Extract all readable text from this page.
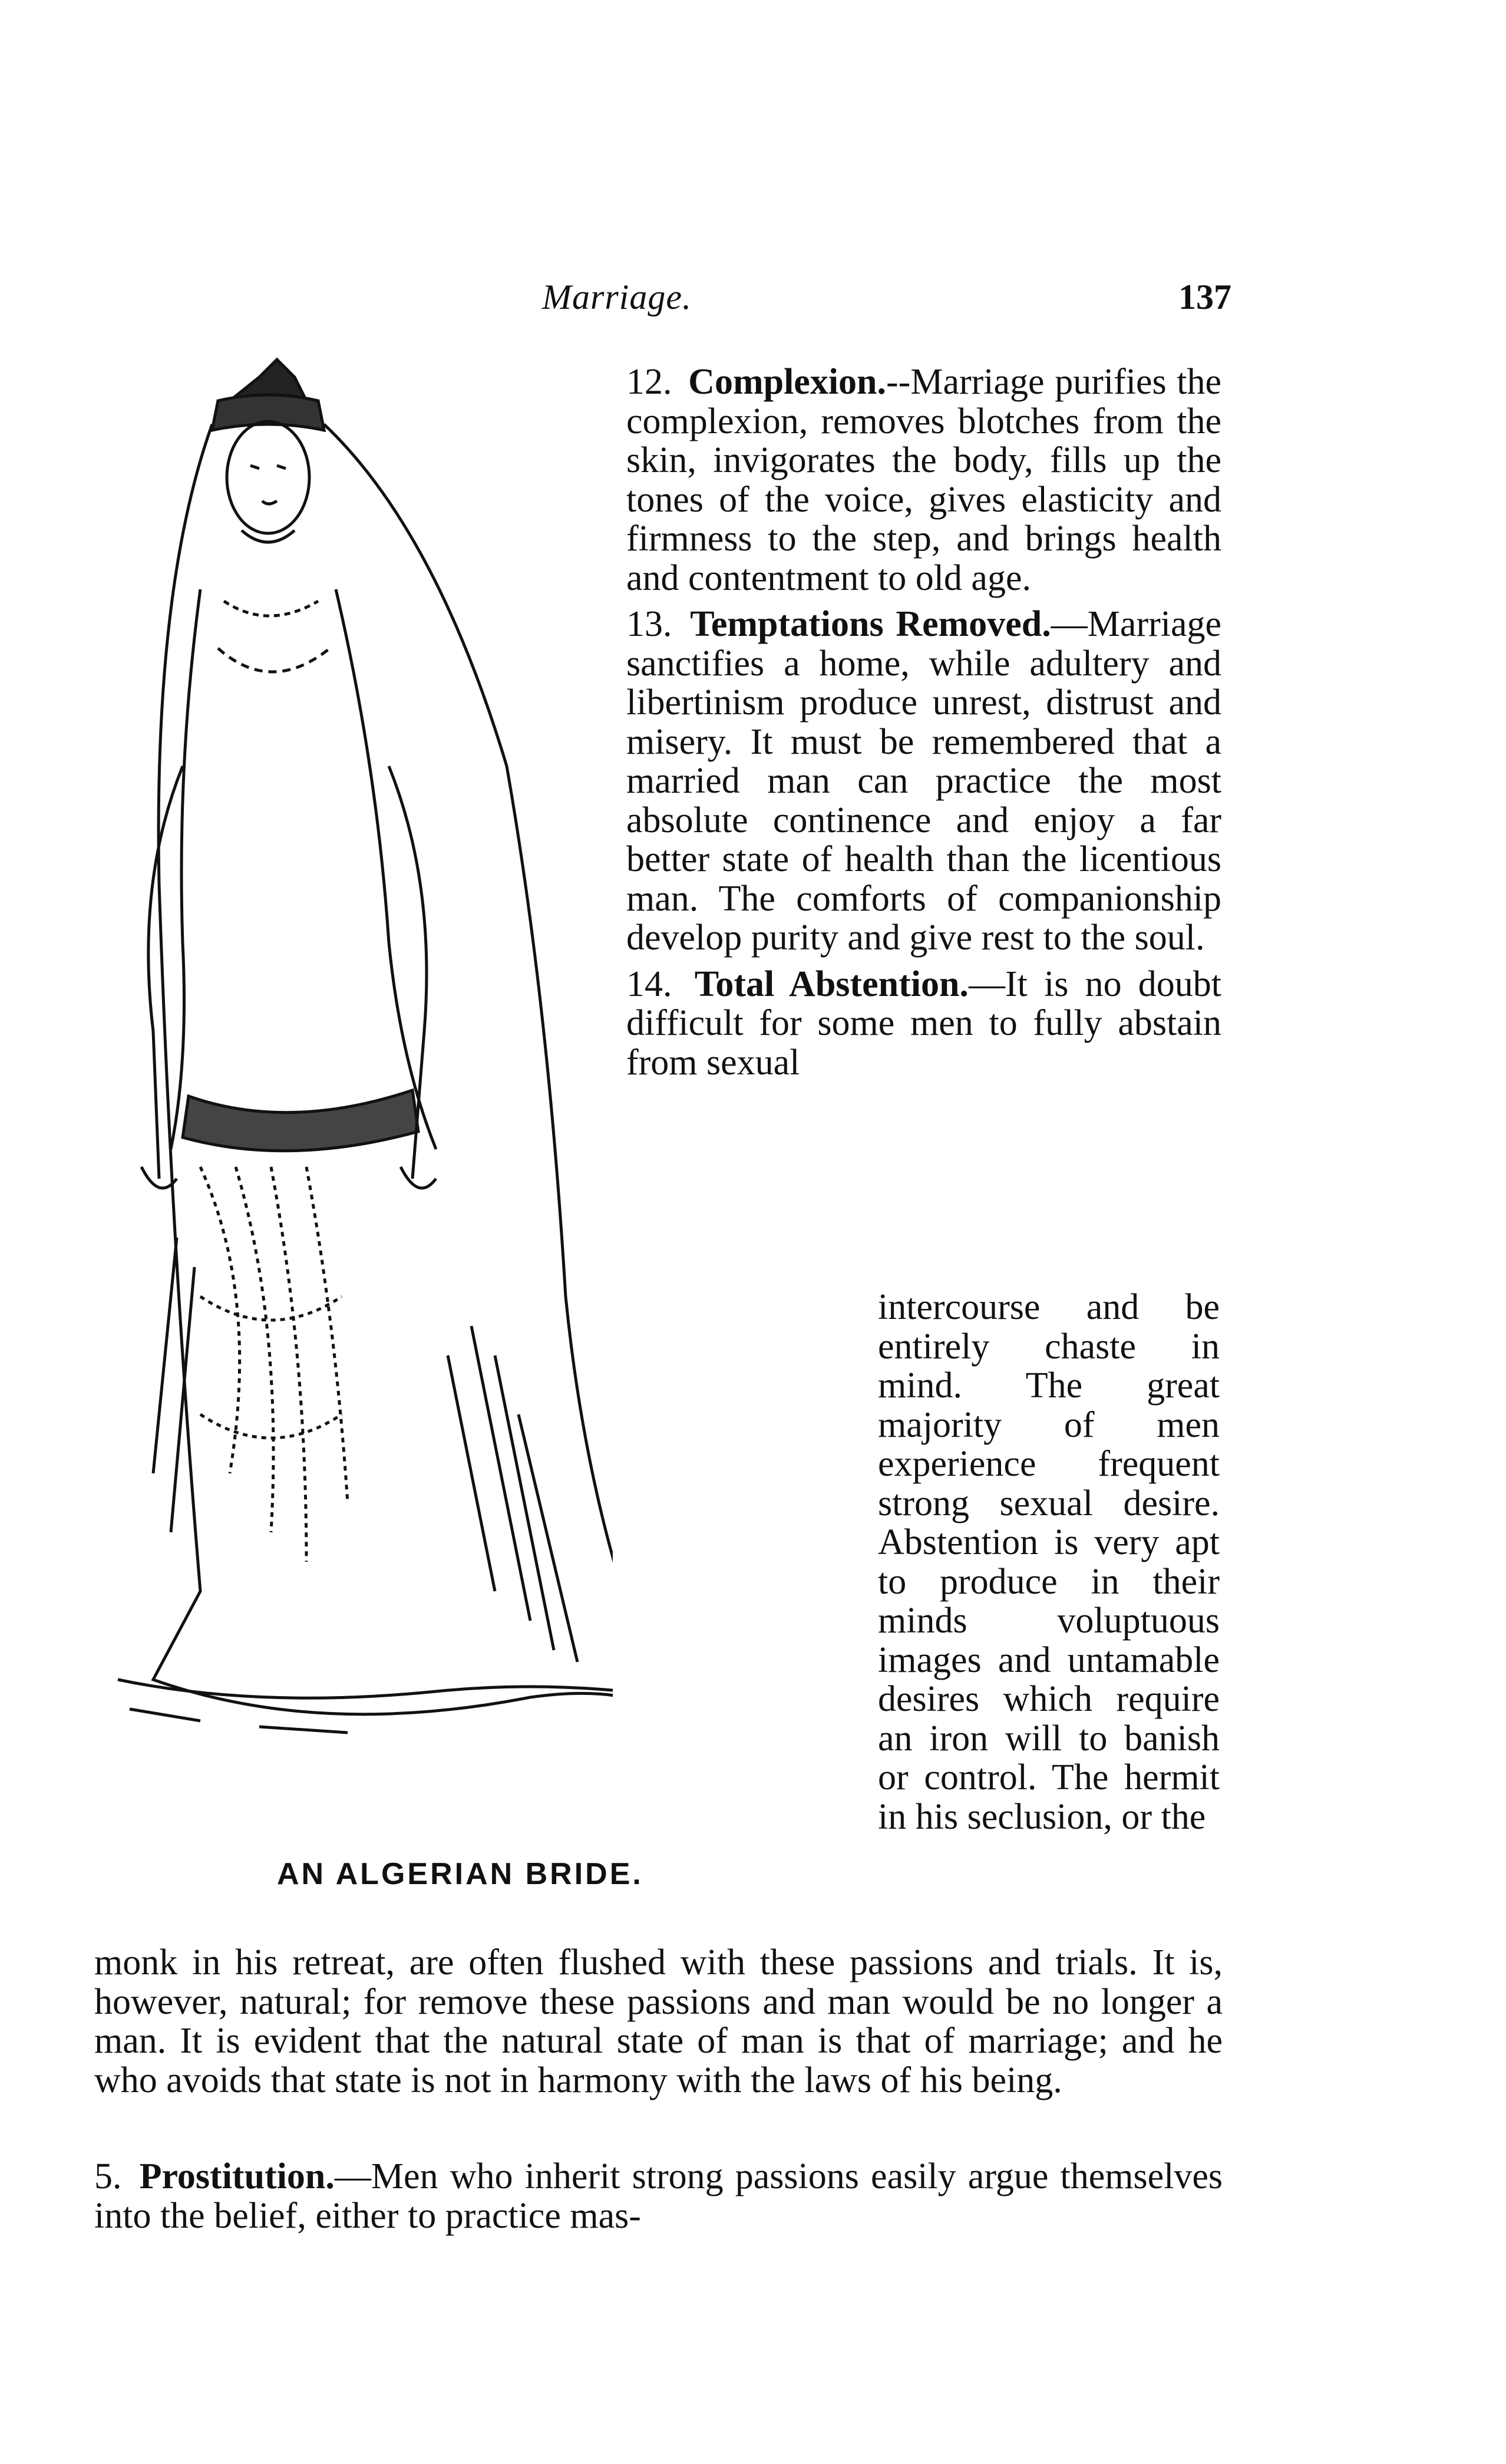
Marriage.	137
AN ALGERIAN BRIDE.

12. Complexion.--Marriage purifies the complexion, removes blotches from the skin, invigorates the body, fills up the tones of the voice, gives elasticity and firmness to the step, and brings health and contentment to old age.

13. Temptations Removed.—Marriage sanctifies a home, while adultery and libertinism produce unrest, distrust and misery. It must be remembered that a married man can practice the most absolute continence and enjoy a far better state of health than the licentious man. The comforts of companionship develop purity and give rest to the soul.

14. Total Abstention.—It is no doubt difficult for some men to fully abstain from sexual

intercourse and be entirely chaste in mind. The great majority of men experience frequent strong sexual desire. Abstention is very apt to produce in their minds voluptuous images and untamable desires which require an iron will to banish or control. The hermit in his seclusion, or the

monk in his retreat, are often flushed with these passions and trials. It is, however, natural; for remove these passions and man would be no longer a man. It is evident that the natural state of man is that of marriage; and he who avoids that state is not in harmony with the laws of his being.

5. Prostitution.—Men who inherit strong passions easily argue themselves into the belief, either to practice mas-
